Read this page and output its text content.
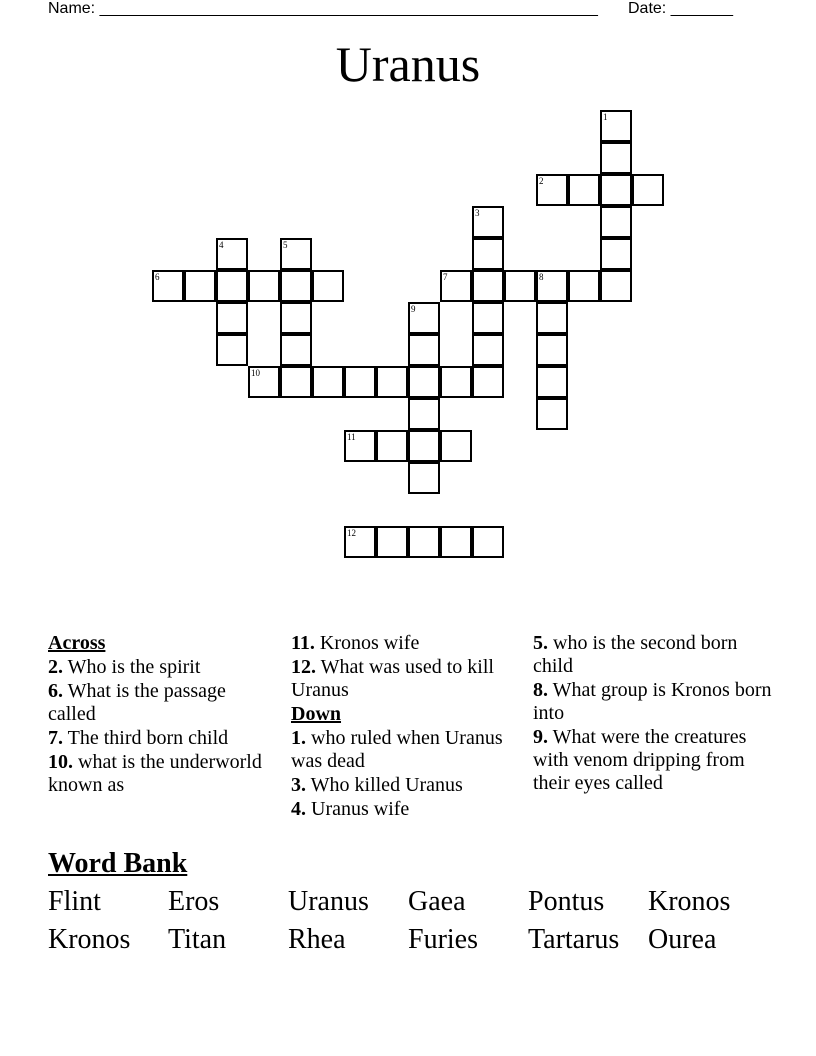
Name: ________________________________________________________ Date: _______
Uranus
1
2
3
4	5
6	7	8
9
10
11
12

Across

2. Who is the spirit

6. What is the passage called

7. The third born child

10. what is the underworld known as

11. Kronos wife

12. What was used to kill Uranus

Down

1. who ruled when Uranus was dead

3. Who killed Uranus

4. Uranus wife

5. who is the second born child

8. What group is Kronos born into

9. What were the creatures with venom dripping from their eyes called

Word Bank
Flint Eros Uranus Gaea Pontus Kronos
Kronos Titan Rhea Furies Tartarus Ourea
